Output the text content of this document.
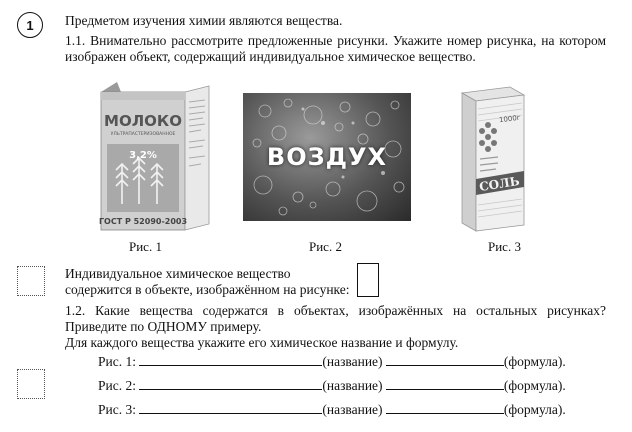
1	Предметом изучения химии являются вещества.
1.1. Внимательно рассмотрите предложенные рисунки. Укажите номер рисунка, на котором
изображен объект, содержащий индивидуальное химическое вещество.
МОЛОКО
УЛЬТРАПАСТЕРИЗОВАННОЕ
3,2%
ГОСТ Р 52090-2003
ВОЗДУХ
1000г
СОЛЬ
Рис. 1	Рис. 2	Рис. 3
Индивидуальное химическое вещество
содержится в объекте, изображённом на рисунке:
1.2. Какие вещества содержатся в объектах, изображённых на остальных рисунках?
Приведите по ОДНОМУ примеру.
Для каждого вещества укажите его химическое название и формулу.
Рис. 1:	(название)	(формула).
Рис. 2:	(название)	(формула).
Рис. 3:	(название)	(формула).
